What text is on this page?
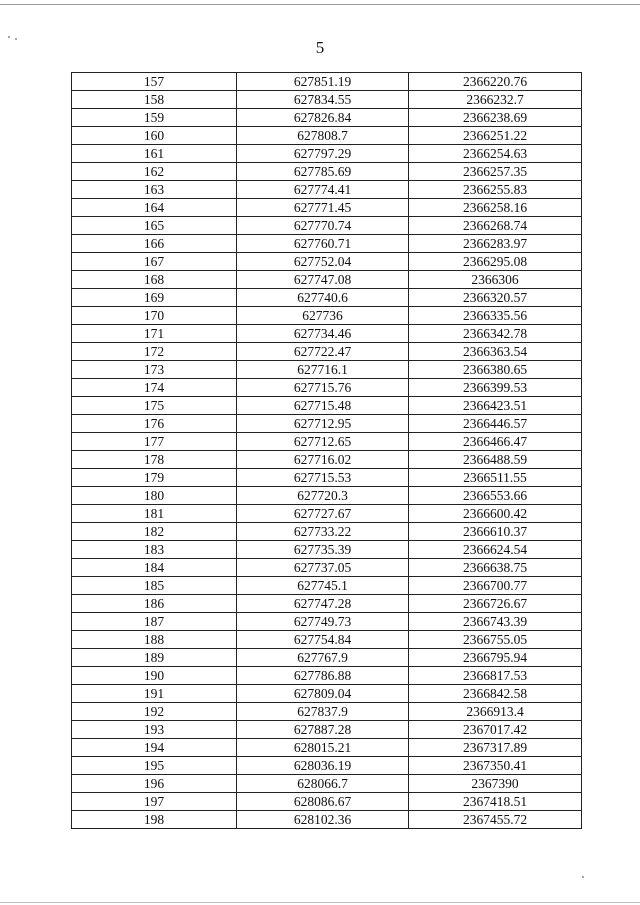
5
157	627851.19	2366220.76
158	627834.55	2366232.7
159	627826.84	2366238.69
160	627808.7	2366251.22
161	627797.29	2366254.63
162	627785.69	2366257.35
163	627774.41	2366255.83
164	627771.45	2366258.16
165	627770.74	2366268.74
166	627760.71	2366283.97
167	627752.04	2366295.08
168	627747.08	2366306
169	627740.6	2366320.57
170	627736	2366335.56
171	627734.46	2366342.78
172	627722.47	2366363.54
173	627716.1	2366380.65
174	627715.76	2366399.53
175	627715.48	2366423.51
176	627712.95	2366446.57
177	627712.65	2366466.47
178	627716.02	2366488.59
179	627715.53	2366511.55
180	627720.3	2366553.66
181	627727.67	2366600.42
182	627733.22	2366610.37
183	627735.39	2366624.54
184	627737.05	2366638.75
185	627745.1	2366700.77
186	627747.28	2366726.67
187	627749.73	2366743.39
188	627754.84	2366755.05
189	627767.9	2366795.94
190	627786.88	2366817.53
191	627809.04	2366842.58
192	627837.9	2366913.4
193	627887.28	2367017.42
194	628015.21	2367317.89
195	628036.19	2367350.41
196	628066.7	2367390
197	628086.67	2367418.51
198	628102.36	2367455.72
